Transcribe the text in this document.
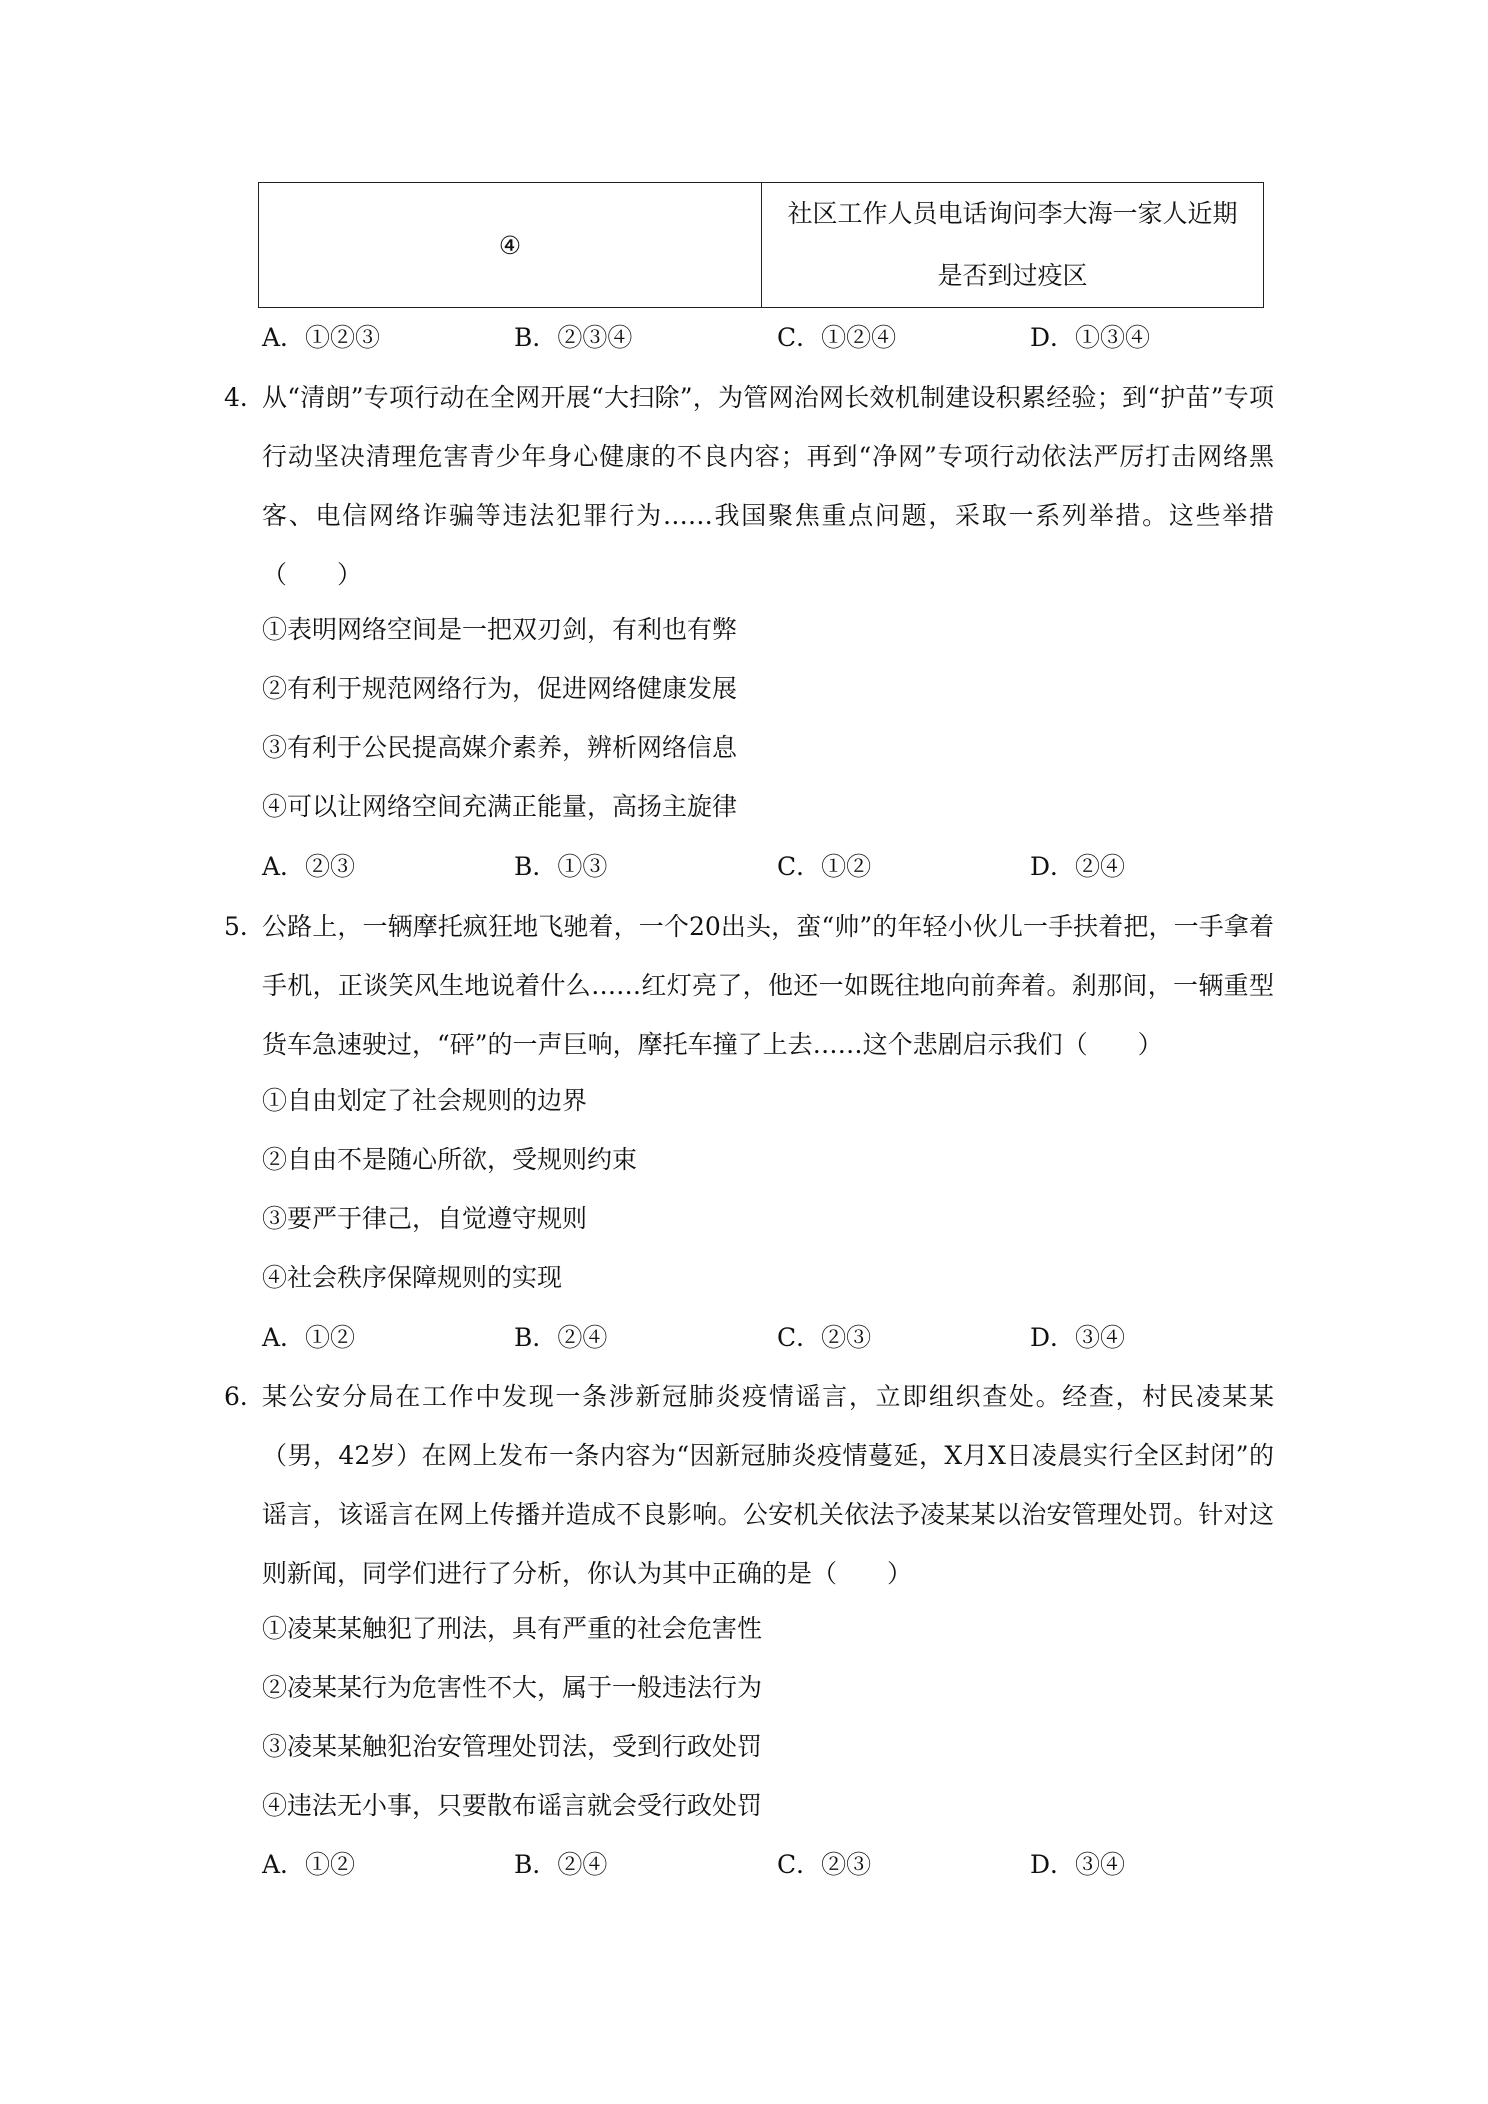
④	社区工作人员电话询问李大海一家人近期
是否到过疫区
A．①②③	B．②③④	C．①②④	D．①③④
4．
从“清朗”专项行动在全网开展“大扫除”，为管网治网长效机制建设积累经验；到“护苗”专项行动坚决清理危害青少年身心健康的不良内容；再到“净网”专项行动依法严厉打击网络黑客、电信网络诈骗等违法犯罪行为……我国聚焦重点问题，采取一系列举措。这些举措（　　）
①表明网络空间是一把双刃剑，有利也有弊
②有利于规范网络行为，促进网络健康发展
③有利于公民提高媒介素养，辨析网络信息
④可以让网络空间充满正能量，高扬主旋律
A．②③	B．①③	C．①②	D．②④
5．
公路上，一辆摩托疯狂地飞驰着，一个20出头，蛮“帅”的年轻小伙儿一手扶着把，一手拿着手机，正谈笑风生地说着什么……红灯亮了，他还一如既往地向前奔着。刹那间，一辆重型货车急速驶过，“砰”的一声巨响，摩托车撞了上去……这个悲剧启示我们（　　）
①自由划定了社会规则的边界
②自由不是随心所欲，受规则约束
③要严于律己，自觉遵守规则
④社会秩序保障规则的实现
A．①②	B．②④	C．②③	D．③④
6．
某公安分局在工作中发现一条涉新冠肺炎疫情谣言，立即组织查处。经查，村民凌某某（男，42岁）在网上发布一条内容为“因新冠肺炎疫情蔓延，X月X日凌晨实行全区封闭”的谣言，该谣言在网上传播并造成不良影响。公安机关依法予凌某某以治安管理处罚。针对这则新闻，同学们进行了分析，你认为其中正确的是（　　）
①凌某某触犯了刑法，具有严重的社会危害性
②凌某某行为危害性不大，属于一般违法行为
③凌某某触犯治安管理处罚法，受到行政处罚
④违法无小事，只要散布谣言就会受行政处罚
A．①②	B．②④	C．②③	D．③④
